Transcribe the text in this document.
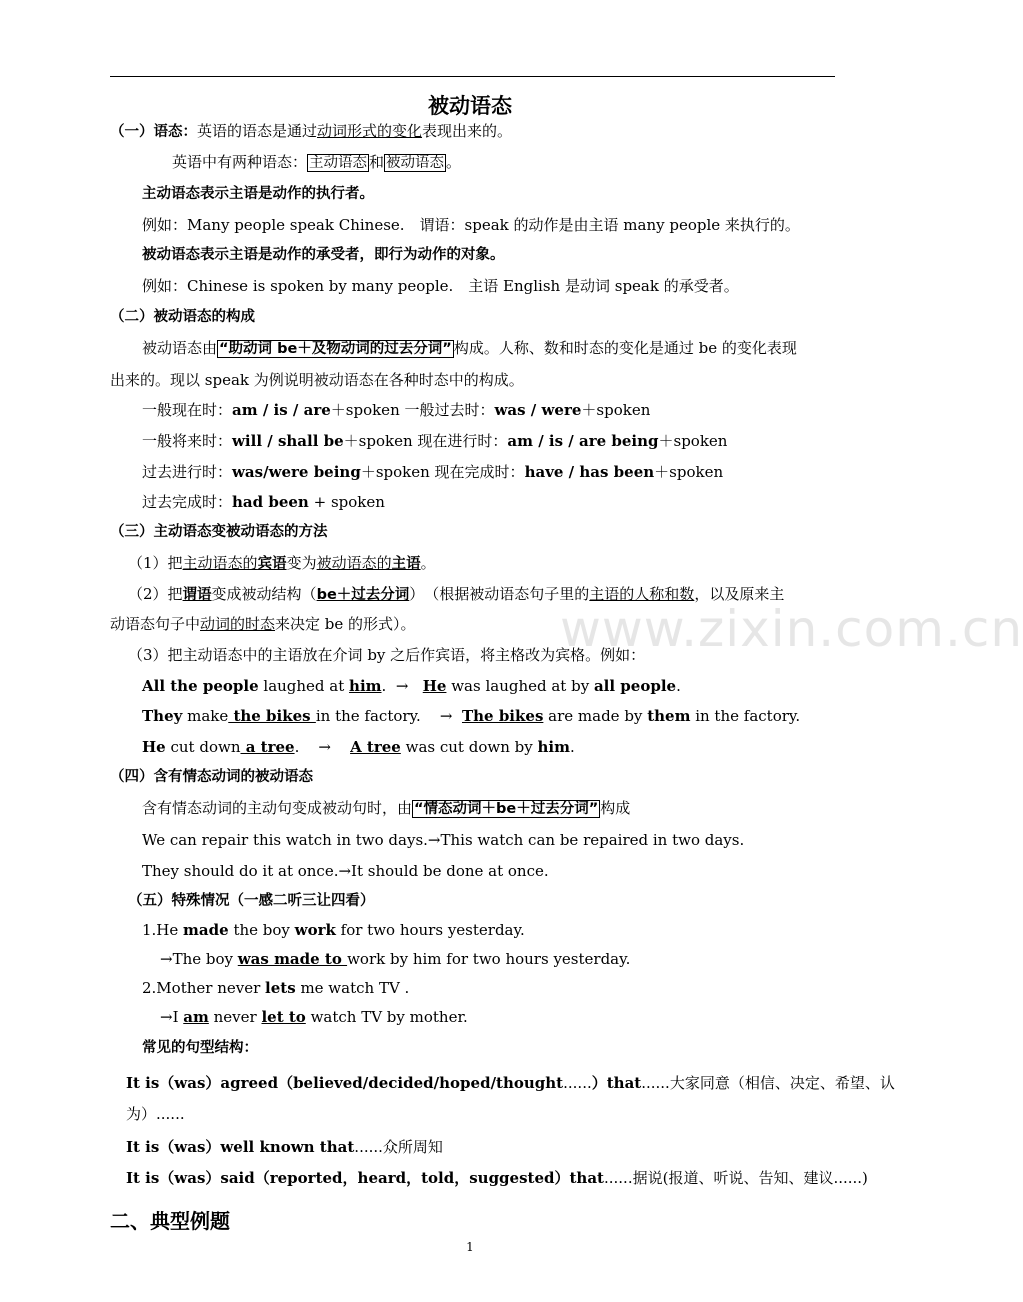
www.zixin.com.cn
被动语态
（一）语态：英语的语态是通过动词形式的变化表现出来的。
英语中有两种语态： 主动语态 和 被动语态 。
主动语态表示主语是动作的执行者。
例如：Many people speak Chinese.　谓语：speak 的动作是由主语 many people 来执行的。
被动语态表示主语是动作的承受者，即行为动作的对象。
例如：Chinese is spoken by many people.　主语 English 是动词 speak 的承受者。
（二）被动语态的构成
被动语态由 “助动词 be＋及物动词的过去分词” 构成。人称、数和时态的变化是通过 be 的变化表现
出来的。现以 speak 为例说明被动语态在各种时态中的构成。
一般现在时：am / is / are＋spoken 一般过去时：was / were＋spoken
一般将来时：will / shall be＋spoken 现在进行时：am / is / are being＋spoken
过去进行时：was/were being＋spoken 现在完成时：have / has been＋spoken
过去完成时：had been + spoken
（三）主动语态变被动语态的方法
（1）把主动语态的宾语变为被动语态的主语。
（2）把谓语变成被动结构（be＋过去分词）　（根据被动语态句子里的主语的人称和数，以及原来主
动语态句子中动词的时态来决定 be 的形式）。
（3）把主动语态中的主语放在介词 by 之后作宾语，将主格改为宾格。例如：
All the people laughed at him.  →   He was laughed at by all people.
They make the bikes in the factory.    →  The bikes are made by them in the factory.
He cut down a tree.    →    A tree was cut down by him.
（四）含有情态动词的被动语态
含有情态动词的主动句变成被动句时，由 “情态动词＋be＋过去分词” 构成
We can repair this watch in two days.→This watch can be repaired in two days.
They should do it at once.→It should be done at once.
（五）特殊情况（一感二听三让四看）
1.He made the boy work for two hours yesterday.
→The boy was made to work by him for two hours yesterday.
2.Mother never lets me watch TV .
→I am never let to watch TV by mother.
常见的句型结构：
It is（was）agreed（believed/decided/hoped/thought......）that......大家同意（相信、决定、希望、认
为）......
It is（was）well known that......众所周知
It is（was）said（reported，heard，told，suggested）that......据说(报道、听说、告知、建议......)
二、典型例题
1
